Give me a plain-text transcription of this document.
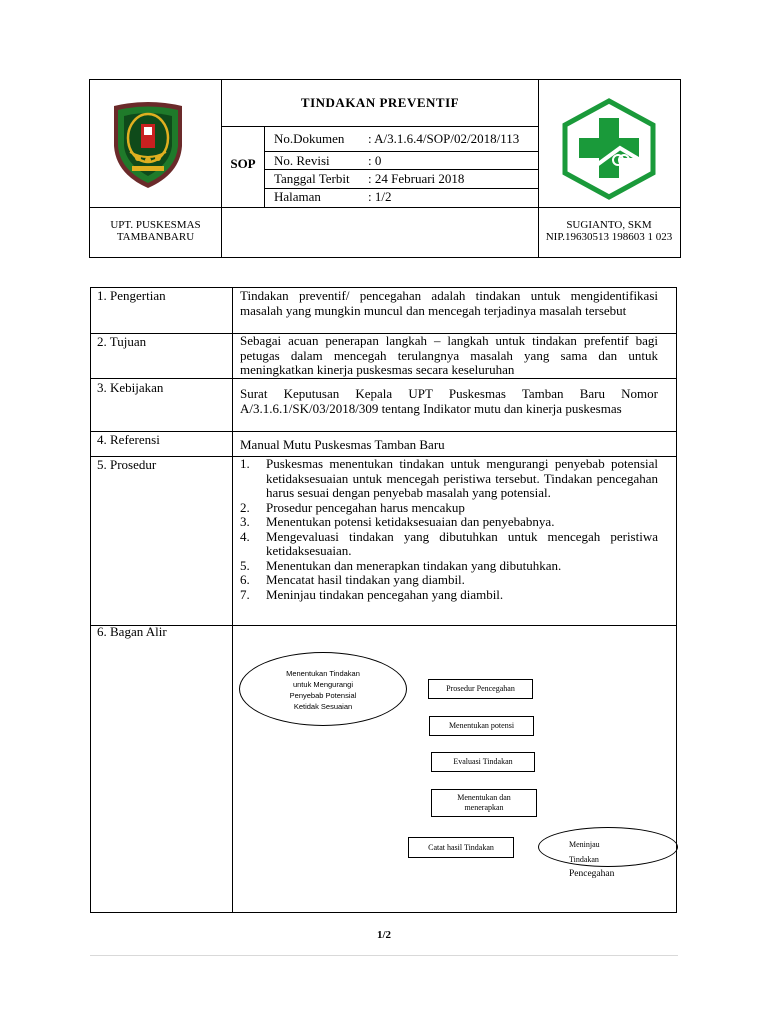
TINDAKAN PREVENTIF
SOP
No.Dokumen : A/3.1.6.4/SOP/02/2018/113
No. Revisi	: 0
Tanggal Terbit : 24 Februari 2018
Halaman	: 1/2
UPT. PUSKESMAS
TAMBANBARU
SUGIANTO, SKM
NIP.19630513 198603 1 023
1. Pengertian	Tindakan preventif/ pencegahan adalah tindakan untuk mengidentifikasi masalah yang mungkin muncul dan mencegah terjadinya masalah tersebut
2. Tujuan	Sebagai acuan penerapan langkah – langkah untuk tindakan prefentif bagi petugas dalam mencegah terulangnya masalah yang sama dan untuk meningkatkan kinerja puskesmas secara keseluruhan
3. Kebijakan	Surat Keputusan Kepala UPT Puskesmas Tamban Baru Nomor A/3.1.6.1/SK/03/2018/309 tentang Indikator mutu dan kinerja puskesmas
4. Referensi	Manual Mutu Puskesmas Tamban Baru
5. Prosedur	1.	Puskesmas menentukan tindakan untuk mengurangi penyebab potensial ketidaksesuaian untuk mencegah peristiwa tersebut. Tindakan pencegahan harus sesuai dengan penyebab masalah yang potensial.
2.	Prosedur pencegahan harus mencakup
3.	Menentukan potensi ketidaksesuaian dan penyebabnya.
4.	Mengevaluasi tindakan yang dibutuhkan untuk mencegah peristiwa ketidaksesuaian.
5.	Menentukan dan menerapkan tindakan yang dibutuhkan.
6.	Mencatat hasil tindakan yang diambil.
7.	Meninjau tindakan pencegahan yang diambil.
6. Bagan Alir
Menentukan Tindakan
untuk Mengurangi
Penyebab Potensial
Ketidak Sesuaian
Prosedur Pencegahan
Menentukan potensi
Evaluasi Tindakan
Menentukan dan
menerapkan
Catat hasil Tindakan	Meninjau
Tindakan
Pencegahan
1/2
